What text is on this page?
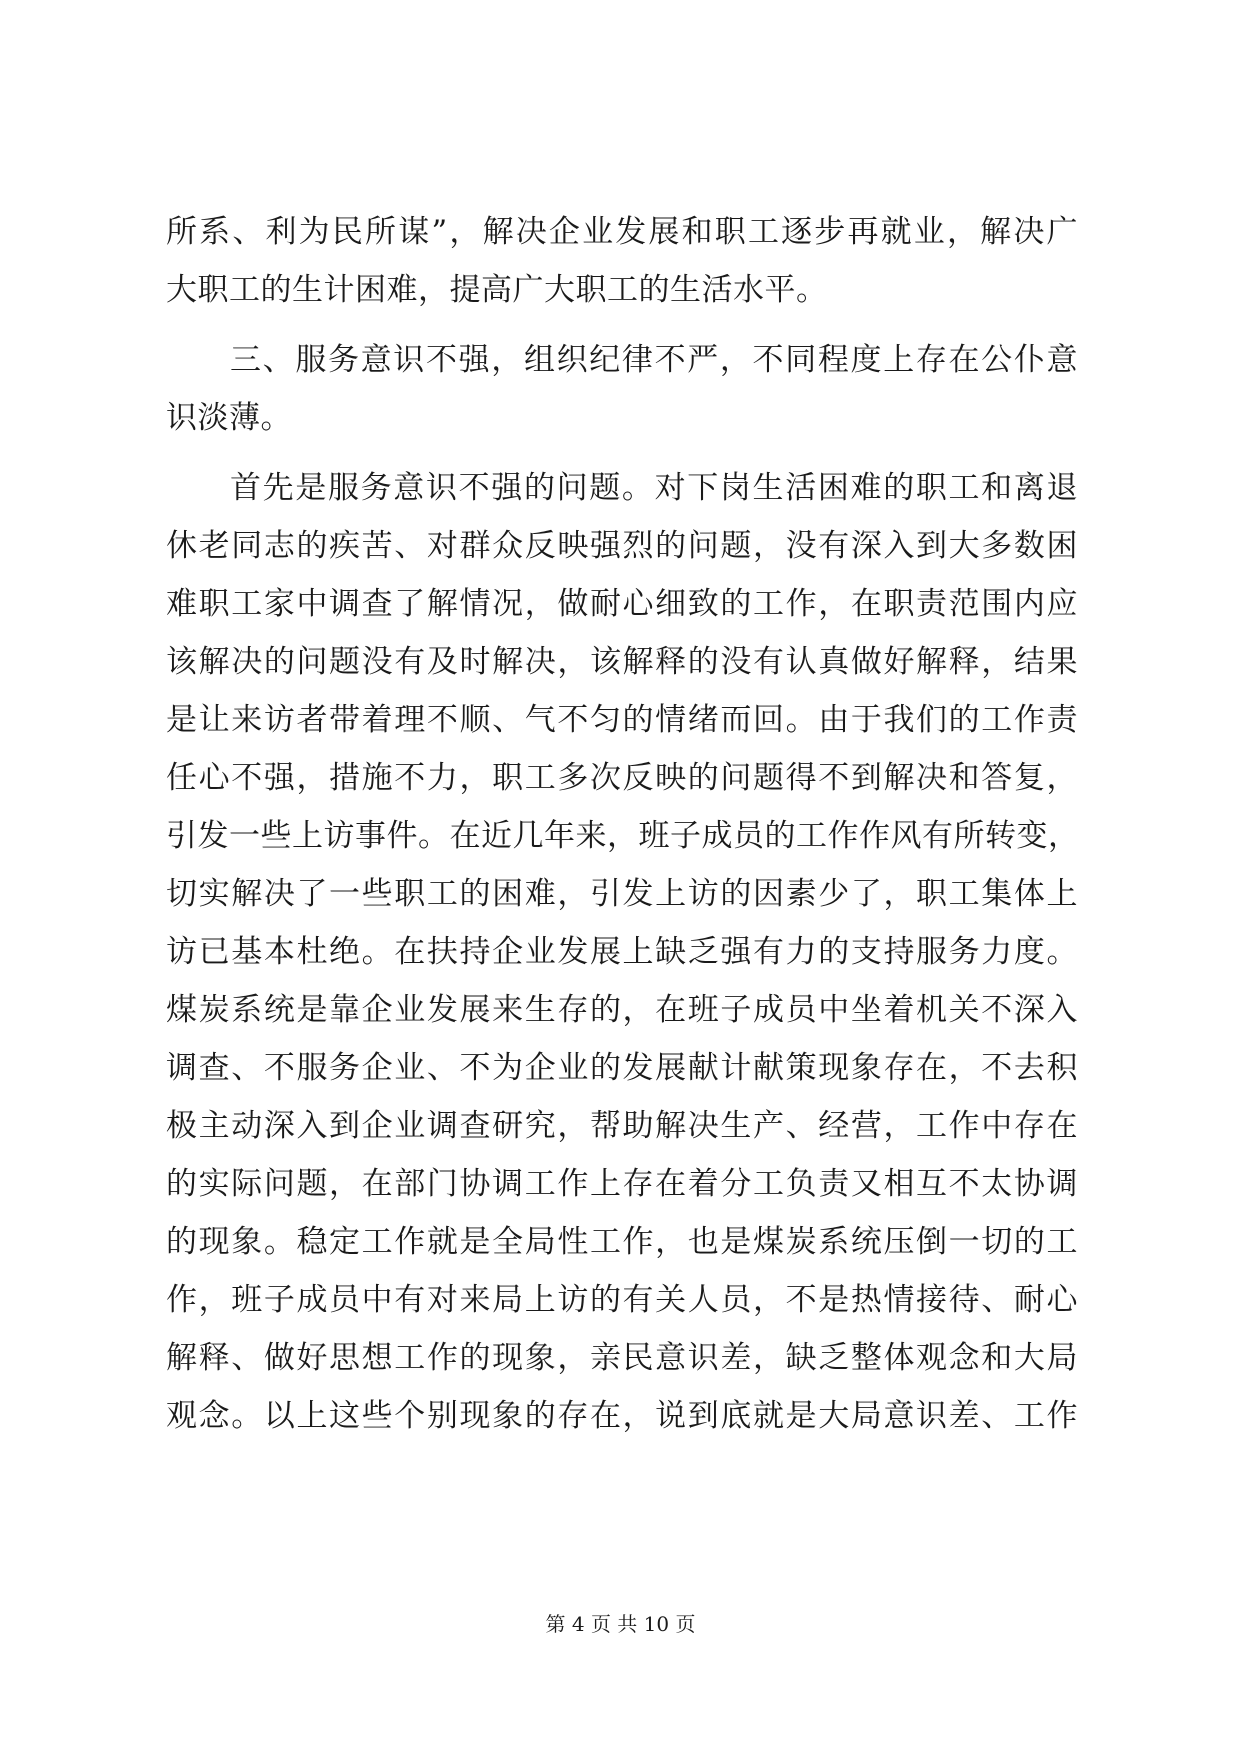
所系、利为民所谋”，解决企业发展和职工逐步再就业，解决广
大职工的生计困难，提高广大职工的生活水平。
三、服务意识不强，组织纪律不严，不同程度上存在公仆意
识淡薄。
首先是服务意识不强的问题。对下岗生活困难的职工和离退
休老同志的疾苦、对群众反映强烈的问题，没有深入到大多数困
难职工家中调查了解情况，做耐心细致的工作，在职责范围内应
该解决的问题没有及时解决，该解释的没有认真做好解释，结果
是让来访者带着理不顺、气不匀的情绪而回。由于我们的工作责
任心不强，措施不力，职工多次反映的问题得不到解决和答复，
引发一些上访事件。在近几年来，班子成员的工作作风有所转变，
切实解决了一些职工的困难，引发上访的因素少了，职工集体上
访已基本杜绝。在扶持企业发展上缺乏强有力的支持服务力度。
煤炭系统是靠企业发展来生存的，在班子成员中坐着机关不深入
调查、不服务企业、不为企业的发展献计献策现象存在，不去积
极主动深入到企业调查研究，帮助解决生产、经营，工作中存在
的实际问题，在部门协调工作上存在着分工负责又相互不太协调
的现象。稳定工作就是全局性工作，也是煤炭系统压倒一切的工
作，班子成员中有对来局上访的有关人员，不是热情接待、耐心
解释、做好思想工作的现象，亲民意识差，缺乏整体观念和大局
观念。以上这些个别现象的存在，说到底就是大局意识差、工作
第 4 页 共 10 页
